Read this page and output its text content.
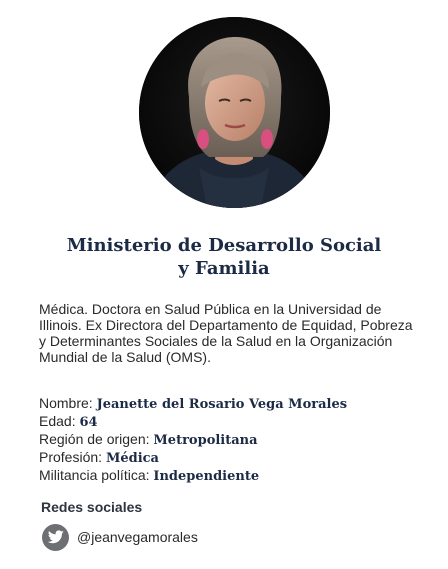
Ministerio de Desarrollo Social
y Familia
Médica. Doctora en Salud Pública en la Universidad de Illinois. Ex Directora del Departamento de Equidad, Pobreza y Determinantes Sociales de la Salud en la Organización Mundial de la Salud (OMS).
Nombre: Jeanette del Rosario Vega Morales
Edad: 64
Región de origen: Metropolitana
Profesión: Médica
Militancia política: Independiente
Redes sociales
@jeanvegamorales
